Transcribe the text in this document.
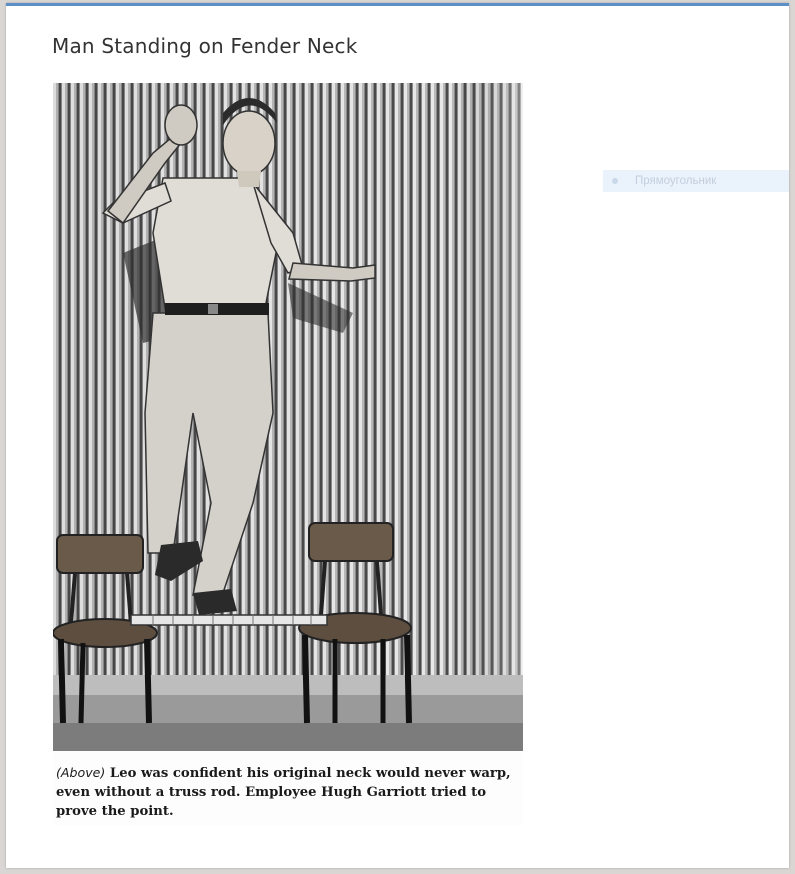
Man Standing on Fender Neck
(Above) Leo was confident his original neck would never warp, even without a truss rod. Employee Hugh Garriott tried to prove the point.
Прямоугольник
